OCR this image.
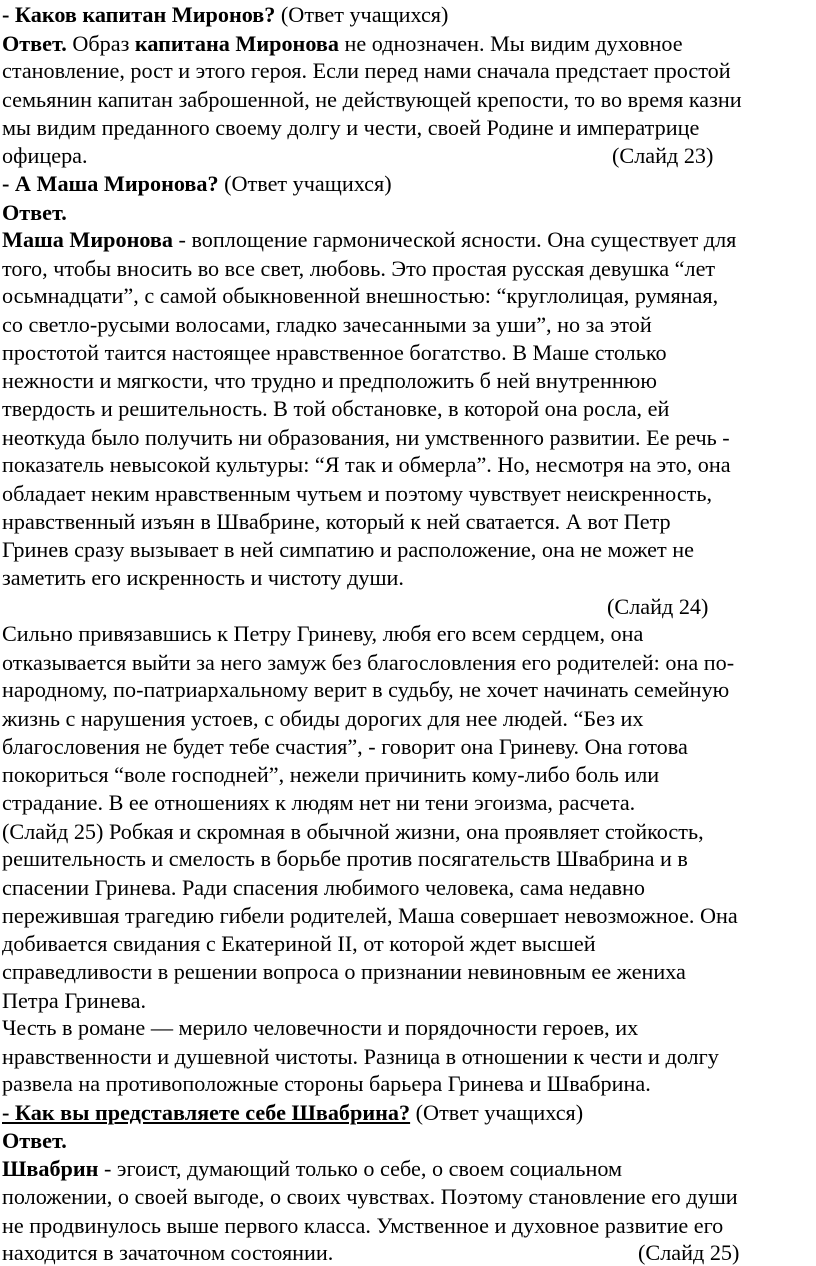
- Каков капитан Миронов? (Ответ учащихся)
Ответ. Образ капитана Миронова не однозначен. Мы видим духовное
становление, рост и этого героя. Если перед нами сначала предстает простой
семьянин капитан заброшенной, не действующей крепости, то во время казни
мы видим преданного своему долгу и чести, своей Родине и императрице
офицера.	(Слайд 23)
- А Маша Миронова? (Ответ учащихся)
Ответ.
Маша Миронова - воплощение гармонической ясности. Она существует для
того, чтобы вносить во все свет, любовь. Это простая русская девушка “лет
осьмнадцати”, с самой обыкновенной внешностью: “круглолицая, румяная,
со светло-русыми волосами, гладко зачесанными за уши”, но за этой
простотой таится настоящее нравственное богатство. В Маше столько
нежности и мягкости, что трудно и предположить б ней внутреннюю
твердость и решительность. В той обстановке, в которой она росла, ей
неоткуда было получить ни образования, ни умственного развитии. Ее речь -
показатель невысокой культуры: “Я так и обмерла”. Но, несмотря на это, она
обладает неким нравственным чутьем и поэтому чувствует неискренность,
нравственный изъян в Швабрине, который к ней сватается. А вот Петр
Гринев сразу вызывает в ней симпатию и расположение, она не может не
заметить его искренность и чистоту души.
(Слайд 24)
Сильно привязавшись к Петру Гриневу, любя его всем сердцем, она
отказывается выйти за него замуж без благословления его родителей: она по-
народному, по-патриархальному верит в судьбу, не хочет начинать семейную
жизнь с нарушения устоев, с обиды дорогих для нее людей. “Без их
благословения не будет тебе счастия”, - говорит она Гриневу. Она готова
покориться “воле господней”, нежели причинить кому-либо боль или
страдание. В ее отношениях к людям нет ни тени эгоизма, расчета.
(Слайд 25) Робкая и скромная в обычной жизни, она проявляет стойкость,
решительность и смелость в борьбе против посягательств Швабрина и в
спасении Гринева. Ради спасения любимого человека, сама недавно
пережившая трагедию гибели родителей, Маша совершает невозможное. Она
добивается свидания с Екатериной II, от которой ждет высшей
справедливости в решении вопроса о признании невиновным ее жениха
Петра Гринева.
Честь в романе — мерило человечности и порядочности героев, их
нравственности и душевной чистоты. Разница в отношении к чести и долгу
развела на противоположные стороны барьера Гринева и Швабрина.
- Как вы представляете себе Швабрина? (Ответ учащихся)
Ответ.
Швабрин - эгоист, думающий только о себе, о своем социальном
положении, о своей выгоде, о своих чувствах. Поэтому становление его души
не продвинулось выше первого класса. Умственное и духовное развитие его
находится в зачаточном состоянии.	(Слайд 25)
